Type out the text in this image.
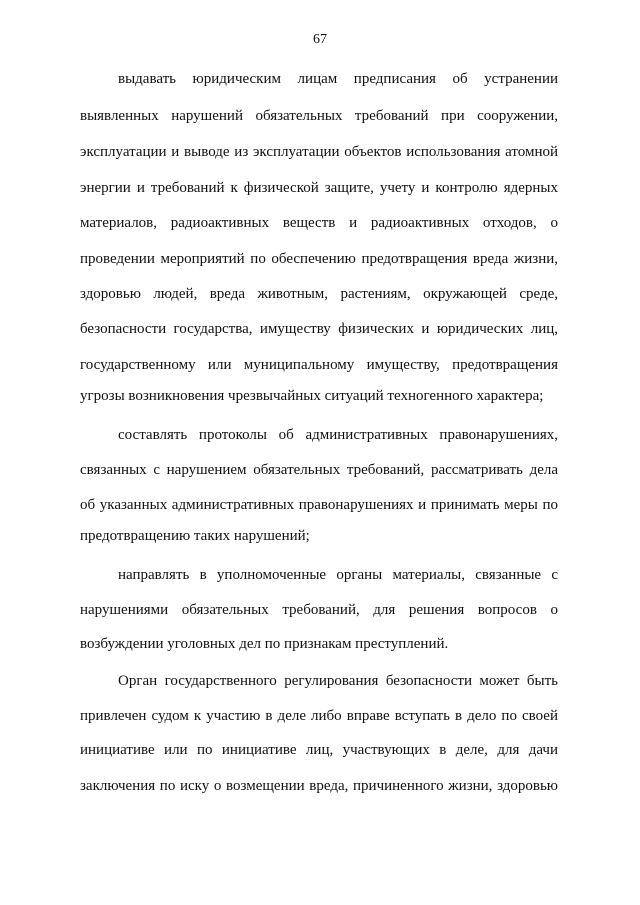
67
выдавать юридическим лицам предписания об устранении
выявленных нарушений обязательных требований при сооружении,
эксплуатации и выводе из эксплуатации объектов использования атомной
энергии и требований к физической защите, учету и контролю ядерных
материалов, радиоактивных веществ и радиоактивных отходов, о
проведении мероприятий по обеспечению предотвращения вреда жизни,
здоровью людей, вреда животным, растениям, окружающей среде,
безопасности государства, имуществу физических и юридических лиц,
государственному или муниципальному имуществу, предотвращения
угрозы возникновения чрезвычайных ситуаций техногенного характера;
составлять протоколы об административных правонарушениях,
связанных с нарушением обязательных требований, рассматривать дела
об указанных административных правонарушениях и принимать меры по
предотвращению таких нарушений;
направлять в уполномоченные органы материалы, связанные с
нарушениями обязательных требований, для решения вопросов о
возбуждении уголовных дел по признакам преступлений.
Орган государственного регулирования безопасности может быть
привлечен судом к участию в деле либо вправе вступать в дело по своей
инициативе или по инициативе лиц, участвующих в деле, для дачи
заключения по иску о возмещении вреда, причиненного жизни, здоровью
